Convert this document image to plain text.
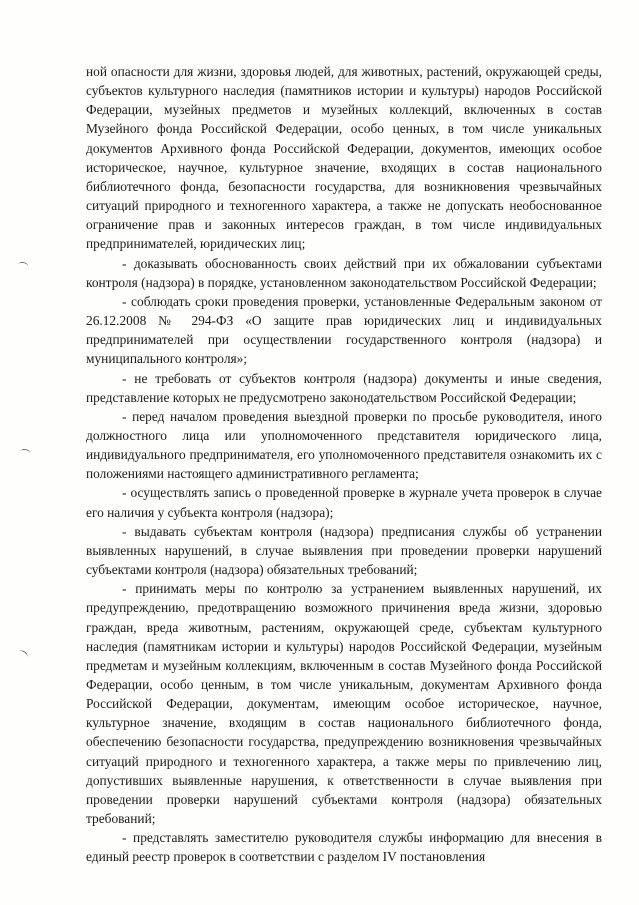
ной опасности для жизни, здоровья людей, для животных, растений, окружающей среды, субъектов культурного наследия (памятников истории и культуры) народов Российской Федерации, музейных предметов и музейных коллекций, включенных в состав Музейного фонда Российской Федерации, особо ценных, в том числе уникальных документов Архивного фонда Российской Федерации, документов, имеющих особое историческое, научное, культурное значение, входящих в состав национального библиотечного фонда, безопасности государства, для возникновения чрезвычайных ситуаций природного и техногенного характера, а также не допускать необоснованное ограничение прав и законных интересов граждан, в том числе индивидуальных предпринимателей, юридических лиц;

- доказывать обоснованность своих действий при их обжаловании субъектами контроля (надзора) в порядке, установленном законодательством Российской Федерации;

- соблюдать сроки проведения проверки, установленные Федеральным законом от 26.12.2008 № 294-ФЗ «О защите прав юридических лиц и индивидуальных предпринимателей при осуществлении государственного контроля (надзора) и муниципального контроля»;

- не требовать от субъектов контроля (надзора) документы и иные сведения, представление которых не предусмотрено законодательством Российской Федерации;

- перед началом проведения выездной проверки по просьбе руководителя, иного должностного лица или уполномоченного представителя юридического лица, индивидуального предпринимателя, его уполномоченного представителя ознакомить их с положениями настоящего административного регламента;

- осуществлять запись о проведенной проверке в журнале учета проверок в случае его наличия у субъекта контроля (надзора);

- выдавать субъектам контроля (надзора) предписания службы об устранении выявленных нарушений, в случае выявления при проведении проверки нарушений субъектами контроля (надзора) обязательных требований;

- принимать меры по контролю за устранением выявленных нарушений, их предупреждению, предотвращению возможного причинения вреда жизни, здоровью граждан, вреда животным, растениям, окружающей среде, субъектам культурного наследия (памятникам истории и культуры) народов Российской Федерации, музейным предметам и музейным коллекциям, включенным в состав Музейного фонда Российской Федерации, особо ценным, в том числе уникальным, документам Архивного фонда Российской Федерации, документам, имеющим особое историческое, научное, культурное значение, входящим в состав национального библиотечного фонда, обеспечению безопасности государства, предупреждению возникновения чрезвычайных ситуаций природного и техногенного характера, а также меры по привлечению лиц, допустивших выявленные нарушения, к ответственности в случае выявления при проведении проверки нарушений субъектами контроля (надзора) обязательных требований;

- представлять заместителю руководителя службы информацию для внесения в единый реестр проверок в соответствии с разделом IV постановления
